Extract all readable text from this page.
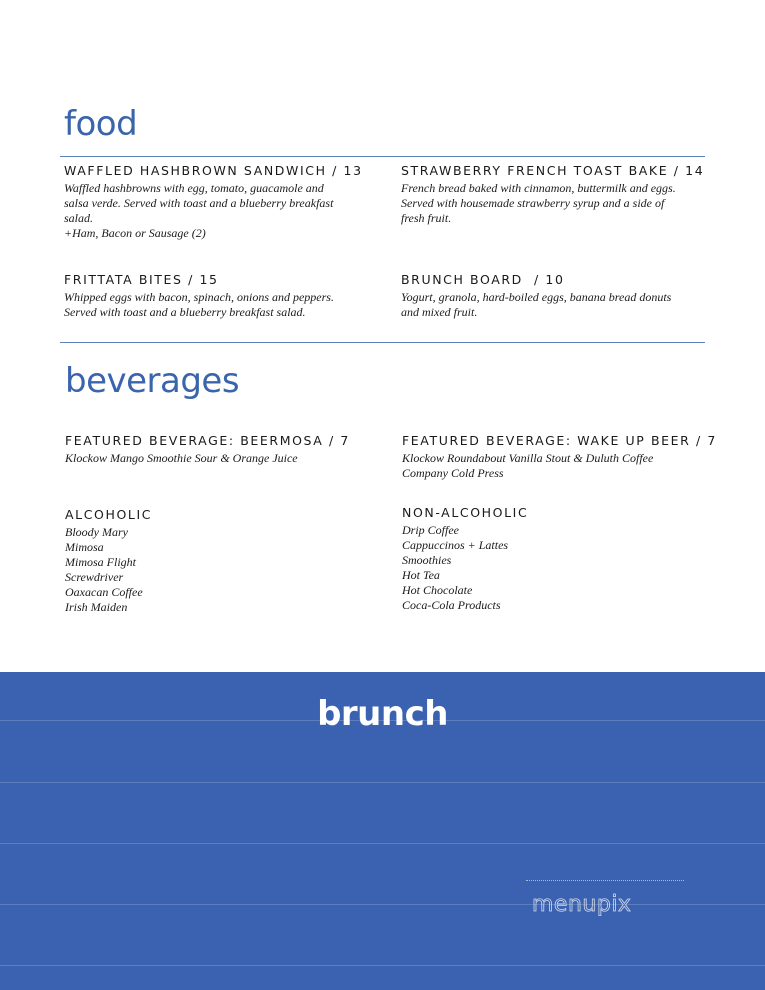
food
WAFFLED HASHBROWN SANDWICH / 13
Waffled hashbrowns with egg, tomato, guacamole and
salsa verde. Served with toast and a blueberry breakfast
salad.
+Ham, Bacon or Sausage (2)
STRAWBERRY FRENCH TOAST BAKE / 14
French bread baked with cinnamon, buttermilk and eggs.
Served with housemade strawberry syrup and a side of
fresh fruit.
FRITTATA BITES / 15
Whipped eggs with bacon, spinach, onions and peppers.
Served with toast and a blueberry breakfast salad.
BRUNCH BOARD  / 10
Yogurt, granola, hard-boiled eggs, banana bread donuts
and mixed fruit.
beverages
FEATURED BEVERAGE: BEERMOSA / 7
Klockow Mango Smoothie Sour & Orange Juice
FEATURED BEVERAGE: WAKE UP BEER / 7
Klockow Roundabout Vanilla Stout & Duluth Coffee
Company Cold Press
ALCOHOLIC
Bloody Mary
Mimosa
Mimosa Flight
Screwdriver
Oaxacan Coffee
Irish Maiden
NON-ALCOHOLIC
Drip Coffee
Cappuccinos + Lattes
Smoothies
Hot Tea
Hot Chocolate
Coca-Cola Products
brunch
menupix
